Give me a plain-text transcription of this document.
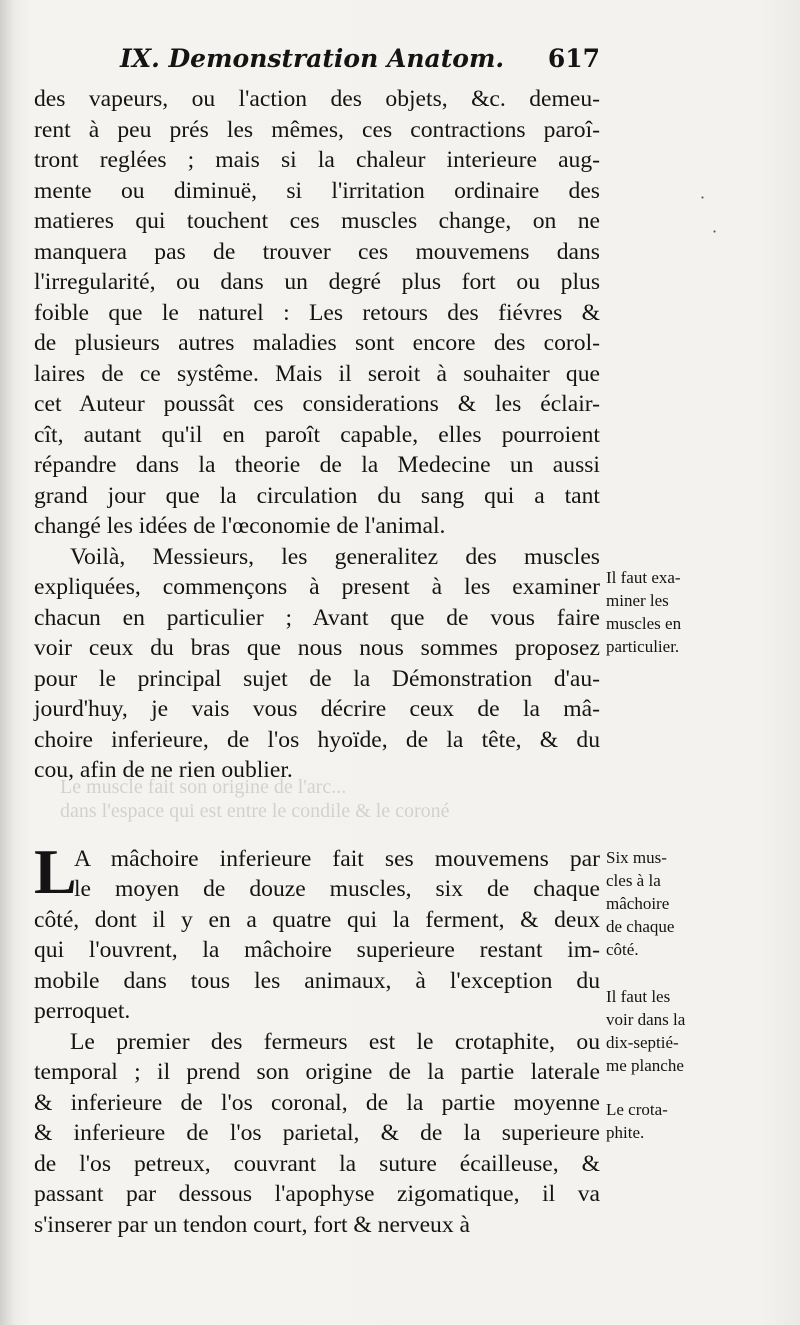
IX. Demonstration Anatom. 617
Le muscle fait son origine de l'arc...
dans l'espace qui est entre le condile & le coroné
des vapeurs, ou l'action des objets, &c. demeu-
rent à peu prés les mêmes, ces contractions paroî-
tront reglées ; mais si la chaleur interieure aug-
mente ou diminuë, si l'irritation ordinaire des
matieres qui touchent ces muscles change, on ne
manquera pas de trouver ces mouvemens dans
l'irregularité, ou dans un degré plus fort ou plus
foible que le naturel : Les retours des fiévres &
de plusieurs autres maladies sont encore des corol-
laires de ce systême. Mais il seroit à souhaiter que
cet Auteur poussât ces considerations & les éclair-
cît, autant qu'il en paroît capable, elles pourroient
répandre dans la theorie de la Medecine un aussi
grand jour que la circulation du sang qui a tant
changé les idées de l'œconomie de l'animal.
Voilà, Messieurs, les generalitez des muscles
expliquées, commençons à present à les examiner
chacun en particulier ; Avant que de vous faire
voir ceux du bras que nous nous sommes proposez
pour le principal sujet de la Démonstration d'au-
jourd'huy, je vais vous décrire ceux de la mâ-
choire inferieure, de l'os hyoïde, de la tête, & du
cou, afin de ne rien oublier.
A mâchoire inferieure fait ses mouvemens par
le moyen de douze muscles, six de chaque
côté, dont il y en a quatre qui la ferment, & deux
qui l'ouvrent, la mâchoire superieure restant im-
mobile dans tous les animaux, à l'exception du
perroquet.
Le premier des fermeurs est le crotaphite, ou
temporal ; il prend son origine de la partie laterale
& inferieure de l'os coronal, de la partie moyenne
& inferieure de l'os parietal, & de la superieure
de l'os petreux, couvrant la suture écailleuse, &
passant par dessous l'apophyse zigomatique, il va
s'inserer par un tendon court, fort & nerveux à
L
Il faut exa-
miner les
muscles en
particulier.
Six mus-
cles à la
mâchoire
de chaque
côté.
Il faut les
voir dans la
dix-septié-
me planche
Le crota-
phite.
·
·
